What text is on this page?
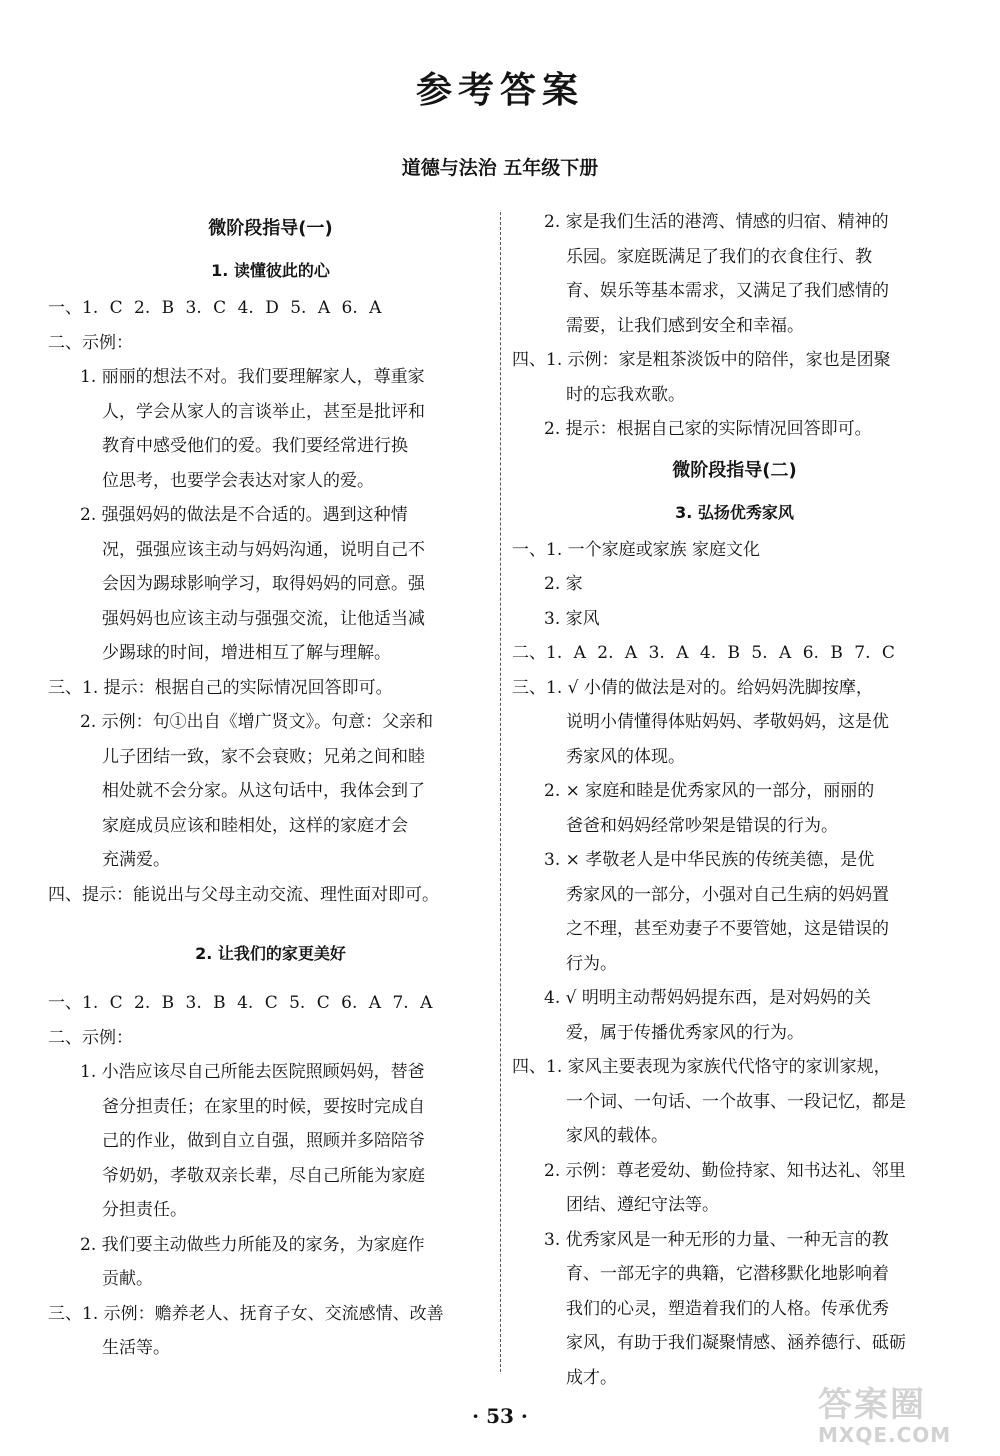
参考答案
道德与法治 五年级下册
微阶段指导(一)
1. 读懂彼此的心

一、1. C 2. B 3. C 4. D 5. A 6. A

二、示例：

1. 丽丽的想法不对。我们要理解家人，尊重家

人，学会从家人的言谈举止，甚至是批评和

教育中感受他们的爱。我们要经常进行换

位思考，也要学会表达对家人的爱。

2. 强强妈妈的做法是不合适的。遇到这种情

况，强强应该主动与妈妈沟通，说明自己不

会因为踢球影响学习，取得妈妈的同意。强

强妈妈也应该主动与强强交流，让他适当减

少踢球的时间，增进相互了解与理解。

三、1. 提示：根据自己的实际情况回答即可。

2. 示例：句①出自《增广贤文》。句意：父亲和

儿子团结一致，家不会衰败；兄弟之间和睦

相处就不会分家。从这句话中，我体会到了

家庭成员应该和睦相处，这样的家庭才会

充满爱。

四、提示：能说出与父母主动交流、理性面对即可。

2. 让我们的家更美好

一、1. C 2. B 3. B 4. C 5. C 6. A 7. A

二、示例：

1. 小浩应该尽自己所能去医院照顾妈妈，替爸

爸分担责任；在家里的时候，要按时完成自

己的作业，做到自立自强，照顾并多陪陪爷

爷奶奶，孝敬双亲长辈，尽自己所能为家庭

分担责任。

2. 我们要主动做些力所能及的家务，为家庭作

贡献。

三、1. 示例：赡养老人、抚育子女、交流感情、改善

生活等。

2. 家是我们生活的港湾、情感的归宿、精神的

乐园。家庭既满足了我们的衣食住行、教

育、娱乐等基本需求，又满足了我们感情的

需要，让我们感到安全和幸福。

四、1. 示例：家是粗茶淡饭中的陪伴，家也是团聚

时的忘我欢歌。

2. 提示：根据自己家的实际情况回答即可。

微阶段指导(二)
3. 弘扬优秀家风

一、1. 一个家庭或家族 家庭文化

2. 家

3. 家风

二、1. A 2. A 3. A 4. B 5. A 6. B 7. C

三、1. √ 小倩的做法是对的。给妈妈洗脚按摩，

说明小倩懂得体贴妈妈、孝敬妈妈，这是优

秀家风的体现。

2. × 家庭和睦是优秀家风的一部分，丽丽的

爸爸和妈妈经常吵架是错误的行为。

3. × 孝敬老人是中华民族的传统美德，是优

秀家风的一部分，小强对自己生病的妈妈置

之不理，甚至劝妻子不要管她，这是错误的

行为。

4. √ 明明主动帮妈妈提东西，是对妈妈的关

爱，属于传播优秀家风的行为。

四、1. 家风主要表现为家族代代恪守的家训家规，

一个词、一句话、一个故事、一段记忆，都是

家风的载体。

2. 示例：尊老爱幼、勤俭持家、知书达礼、邻里

团结、遵纪守法等。

3. 优秀家风是一种无形的力量、一种无言的教

育、一部无字的典籍，它潜移默化地影响着

我们的心灵，塑造着我们的人格。传承优秀

家风，有助于我们凝聚情感、涵养德行、砥砺

成才。

· 53 ·	答案圈
MXQE.COM
